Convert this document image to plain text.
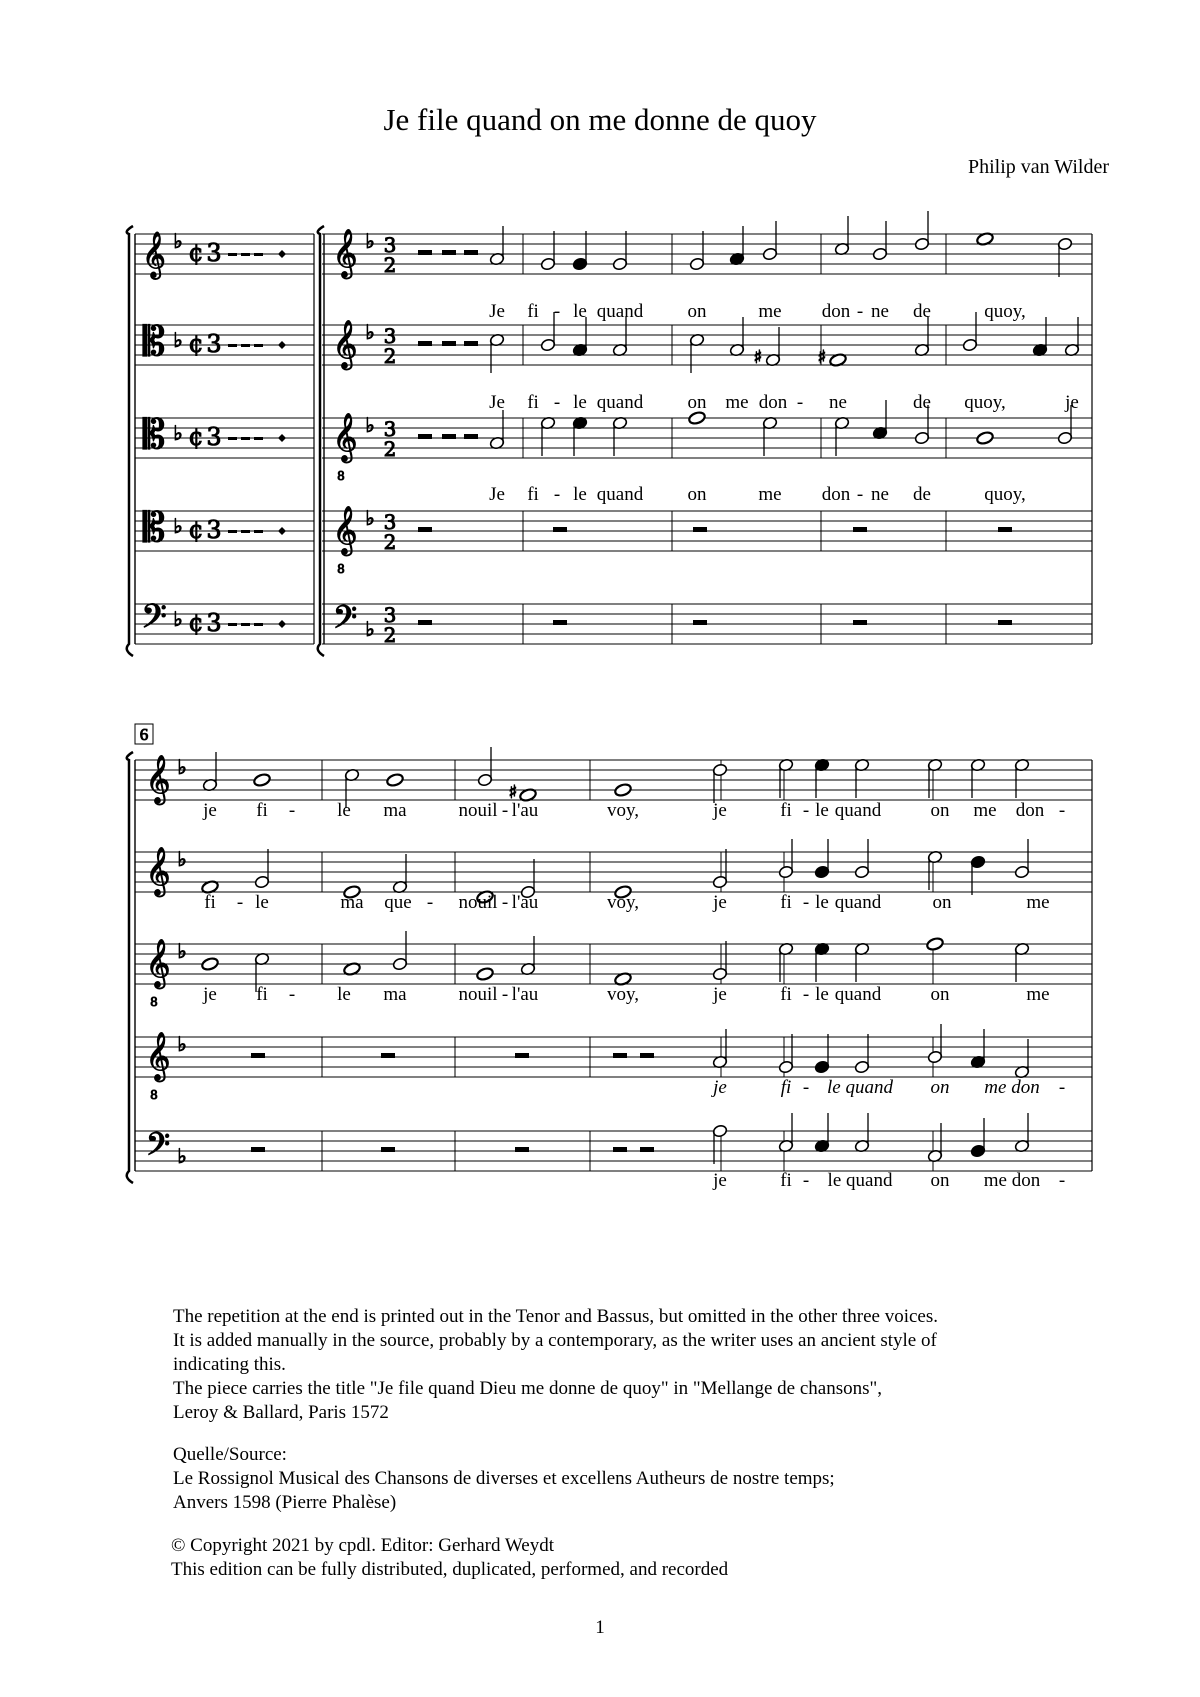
Je file quand on me donne de quoy
Philip van Wilder
𝄞 ♭ ¢ 3
𝄡 ♭ ¢ 3
𝄡 ♭ ¢ 3
𝄡 ♭ ¢ 3
𝄢 ♭ ¢ 3
𝄞 ♭ 3
2
𝄞 ♭ 3
2
𝄞
8
♭ 3
2
𝄞
8
♭ 3
2
𝄢 ♭
3
2
♯	♯
6
𝄞 ♭
𝄞 ♭
𝄞
8
♭
𝄞
8
♭
𝄢 ♭
♯
Je fi - le quand on	me don - ne de	quoy,
Je fi - le quand on me don - ne	de quoy,	je
Je fi - le quand on	me don - ne de	quoy,
je fi - le ma	nouil - l'au	voy,	je	fi - le quand	on me don -
fi - le	ma que - nouil - l'au	voy,	je	fi - le quand	on	me
je fi - le ma	nouil - l'au	voy,	je	fi - le quand	on	me
je	fi - le quand on me don -
je	fi - le quand on me don -

The repetition at the end is printed out in the Tenor and Bassus, but omitted in the other three voices.

It is added manually in the source, probably by a contemporary, as the writer uses an ancient style of

indicating this.

The piece carries the title "Je file quand Dieu me donne de quoy" in "Mellange de chansons",

Leroy & Ballard, Paris 1572

Quelle/Source:

Le Rossignol Musical des Chansons de diverses et excellens Autheurs de nostre temps;

Anvers 1598 (Pierre Phalèse)

© Copyright 2021 by cpdl. Editor: Gerhard Weydt

This edition can be fully distributed, duplicated, performed, and recorded

1
